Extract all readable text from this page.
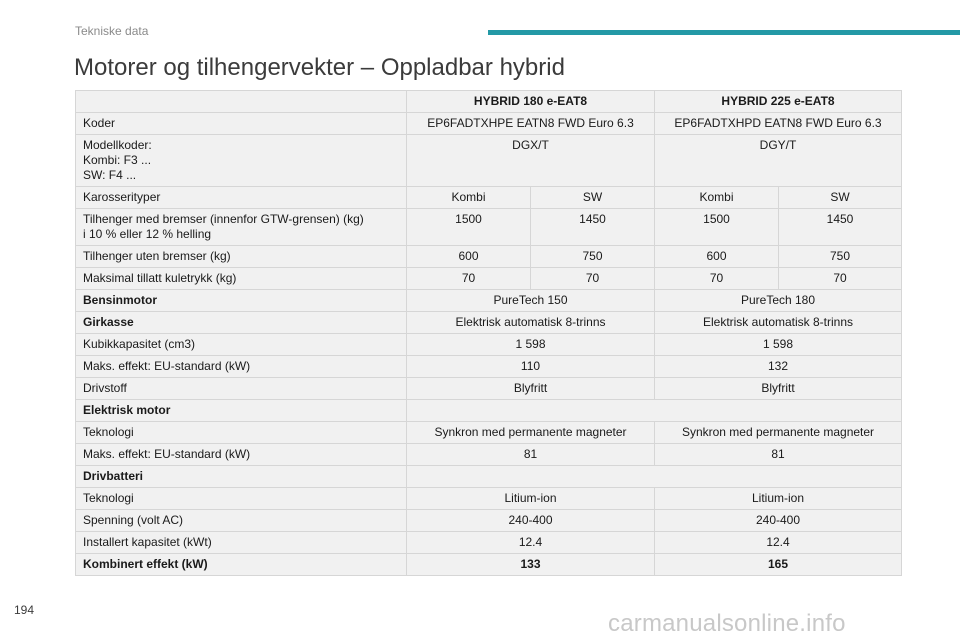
Tekniske data
Motorer og tilhengervekter – Oppladbar hybrid
	HYBRID 180 e-EAT8		HYBRID 225 e-EAT8	
Koder	EP6FADTXHPE EATN8 FWD Euro 6.3		EP6FADTXHPD EATN8 FWD Euro 6.3	
Modellkoder:
Kombi: F3 ...
SW: F4 ...	DGX/T		DGY/T	
Karosserityper	Kombi	SW	Kombi	SW
Tilhenger med bremser (innenfor GTW-grensen) (kg)
i 10 % eller 12 % helling	1500	1450	1500	1450
Tilhenger uten bremser (kg)	600	750	600	750
Maksimal tillatt kuletrykk (kg)	70	70	70	70
Bensinmotor	PureTech 150		PureTech 180	
Girkasse	Elektrisk automatisk 8-trinns		Elektrisk automatisk 8-trinns	
Kubikkapasitet (cm3)	1 598		1 598	
Maks. effekt: EU-standard (kW)	110		132	
Drivstoff	Blyfritt		Blyfritt	
Elektrisk motor				
Teknologi	Synkron med permanente magneter		Synkron med permanente magneter	
Maks. effekt: EU-standard (kW)	81		81	
Drivbatteri				
Teknologi	Litium-ion		Litium-ion	
Spenning (volt AC)	240-400		240-400	
Installert kapasitet (kWt)	12.4		12.4	
Kombinert effekt (kW)	133		165	
194	carmanualsonline.info
